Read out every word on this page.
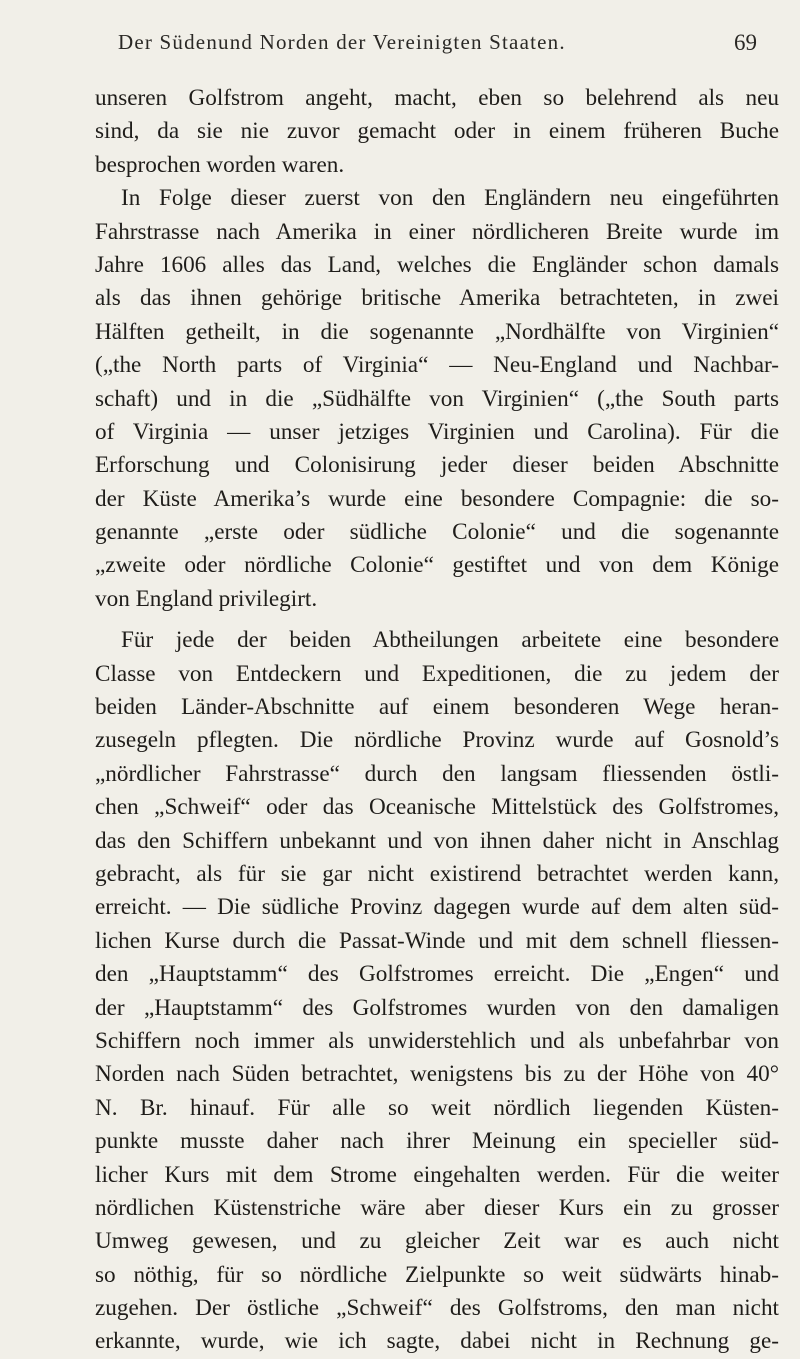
Der Südenund Norden der Vereinigten Staaten.	69
unseren Golfstrom angeht, macht, eben so belehrend als neu
sind, da sie nie zuvor gemacht oder in einem früheren Buche
besprochen worden waren.
In Folge dieser zuerst von den Engländern neu eingeführten
Fahrstrasse nach Amerika in einer nördlicheren Breite wurde im
Jahre 1606 alles das Land, welches die Engländer schon damals
als das ihnen gehörige britische Amerika betrachteten, in zwei
Hälften getheilt, in die sogenannte „Nordhälfte von Virginien“
(„the North parts of Virginia“ — Neu-England und Nachbar-
schaft) und in die „Südhälfte von Virginien“ („the South parts
of Virginia — unser jetziges Virginien und Carolina). Für die
Erforschung und Colonisirung jeder dieser beiden Abschnitte
der Küste Amerika’s wurde eine besondere Compagnie: die so-
genannte „erste oder südliche Colonie“ und die sogenannte
„zweite oder nördliche Colonie“ gestiftet und von dem Könige
von England privilegirt.
Für jede der beiden Abtheilungen arbeitete eine besondere
Classe von Entdeckern und Expeditionen, die zu jedem der
beiden Länder-Abschnitte auf einem besonderen Wege heran-
zusegeln pflegten. Die nördliche Provinz wurde auf Gosnold’s
„nördlicher Fahrstrasse“ durch den langsam fliessenden östli-
chen „Schweif“ oder das Oceanische Mittelstück des Golfstromes,
das den Schiffern unbekannt und von ihnen daher nicht in Anschlag
gebracht, als für sie gar nicht existirend betrachtet werden kann,
erreicht. — Die südliche Provinz dagegen wurde auf dem alten süd-
lichen Kurse durch die Passat-Winde und mit dem schnell fliessen-
den „Hauptstamm“ des Golfstromes erreicht. Die „Engen“ und
der „Hauptstamm“ des Golfstromes wurden von den damaligen
Schiffern noch immer als unwiderstehlich und als unbefahrbar von
Norden nach Süden betrachtet, wenigstens bis zu der Höhe von 40°
N. Br. hinauf. Für alle so weit nördlich liegenden Küsten-
punkte musste daher nach ihrer Meinung ein specieller süd-
licher Kurs mit dem Strome eingehalten werden. Für die weiter
nördlichen Küstenstriche wäre aber dieser Kurs ein zu grosser
Umweg gewesen, und zu gleicher Zeit war es auch nicht
so nöthig, für so nördliche Zielpunkte so weit südwärts hinab-
zugehen. Der östliche „Schweif“ des Golfstroms, den man nicht
erkannte, wurde, wie ich sagte, dabei nicht in Rechnung ge-
